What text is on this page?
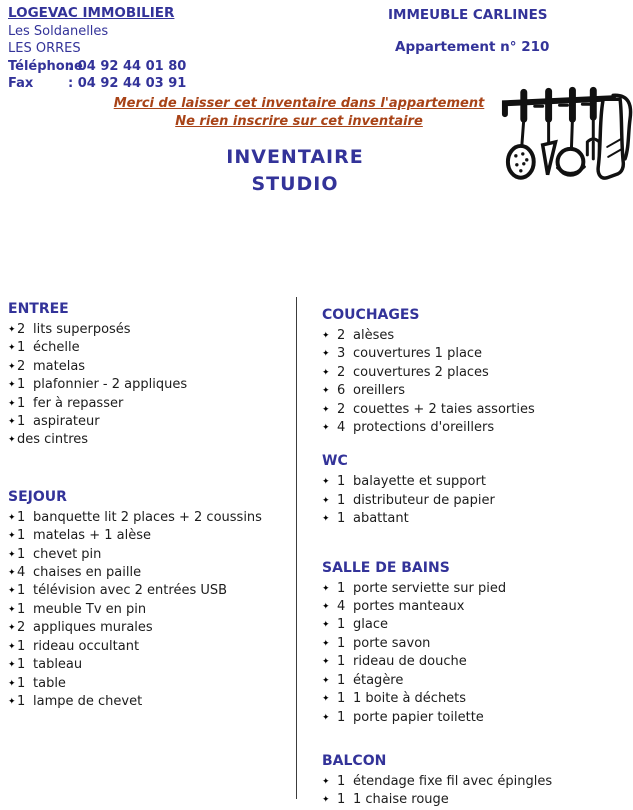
LOGEVAC IMMOBILIER
Les Soldanelles
LES ORRES
Téléphone: 04 92 44 01 80
Fax	: 04 92 44 03 91
IMMEUBLE CARLINES
Appartement n° 210
Merci de laisser cet inventaire dans l'appartement
Ne rien inscrire sur cet inventaire
INVENTAIRE
STUDIO
ENTREE
✦2 lits superposés
✦1 échelle
✦2 matelas
✦1 plafonnier - 2 appliques
✦1 fer à repasser
✦1 aspirateur
✦des cintres
SEJOUR
✦1 banquette lit 2 places + 2 coussins
✦1 matelas + 1 alèse
✦1 chevet pin
✦4 chaises en paille
✦1 télévision avec 2 entrées USB
✦1 meuble Tv en pin
✦2 appliques murales
✦1 rideau occultant
✦1 tableau
✦1 table
✦1 lampe de chevet
COUCHAGES
✦ 2 alèses
✦ 3 couvertures 1 place
✦ 2 couvertures 2 places
✦ 6 oreillers
✦ 2 couettes + 2 taies assorties
✦ 4 protections d'oreillers
WC
✦ 1 balayette et support
✦ 1 distributeur de papier
✦ 1 abattant
SALLE DE BAINS
✦ 1 porte serviette sur pied
✦ 4 portes manteaux
✦ 1 glace
✦ 1 porte savon
✦ 1 rideau de douche
✦ 1 étagère
✦ 1 1 boite à déchets
✦ 1 porte papier toilette
BALCON
✦ 1 étendage fixe fil avec épingles
✦ 1 1 chaise rouge
